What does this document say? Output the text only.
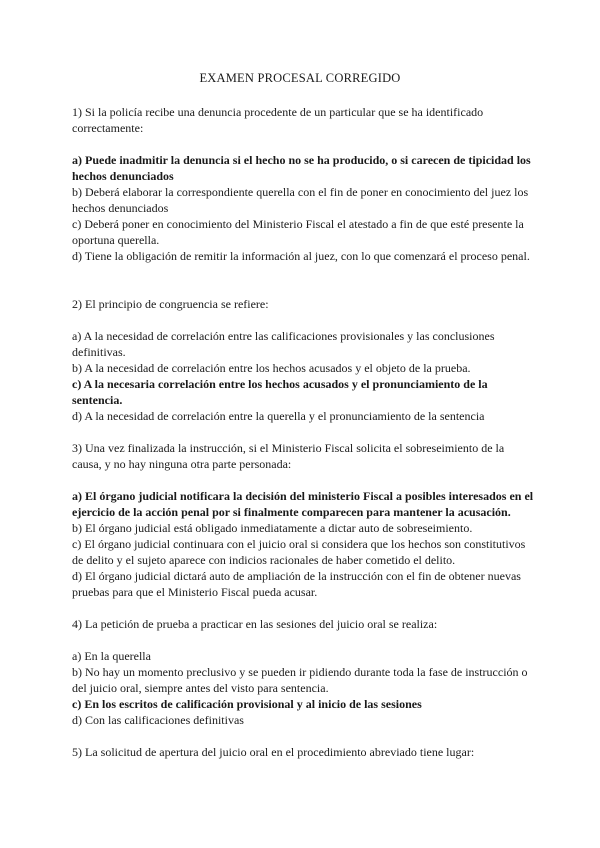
EXAMEN PROCESAL CORREGIDO

1) Si la policía recibe una denuncia procedente de un particular que se ha identificado correctamente:

a) Puede inadmitir la denuncia si el hecho no se ha producido, o si carecen de tipicidad los hechos denunciados

b) Deberá elaborar la correspondiente querella con el fin de poner en conocimiento del juez los hechos denunciados

c) Deberá poner en conocimiento del Ministerio Fiscal el atestado a fin de que esté presente la oportuna querella.

d) Tiene la obligación de remitir la información al juez, con lo que comenzará el proceso penal.

2) El principio de congruencia se refiere:

a) A la necesidad de correlación entre las calificaciones provisionales y las conclusiones definitivas.

b) A la necesidad de correlación entre los hechos acusados y el objeto de la prueba.

c) A la necesaria correlación entre los hechos acusados y el pronunciamiento de la sentencia.

d) A la necesidad de correlación entre la querella y el pronunciamiento de la sentencia

3) Una vez finalizada la instrucción, si el Ministerio Fiscal solicita el sobreseimiento de la causa, y no hay ninguna otra parte personada:

a) El órgano judicial notificara la decisión del ministerio Fiscal a posibles interesados en el ejercicio de la acción penal por si finalmente comparecen para mantener la acusación.

b) El órgano judicial está obligado inmediatamente a dictar auto de sobreseimiento.

c) El órgano judicial continuara con el juicio oral si considera que los hechos son constitutivos de delito y el sujeto aparece con indicios racionales de haber cometido el delito.

d) El órgano judicial dictará auto de ampliación de la instrucción con el fin de obtener nuevas pruebas para que el Ministerio Fiscal pueda acusar.

4) La petición de prueba a practicar en las sesiones del juicio oral se realiza:

a) En la querella

b) No hay un momento preclusivo y se pueden ir pidiendo durante toda la fase de instrucción o del juicio oral, siempre antes del visto para sentencia.

c) En los escritos de calificación provisional y al inicio de las sesiones

d) Con las calificaciones definitivas

5) La solicitud de apertura del juicio oral en el procedimiento abreviado tiene lugar:
